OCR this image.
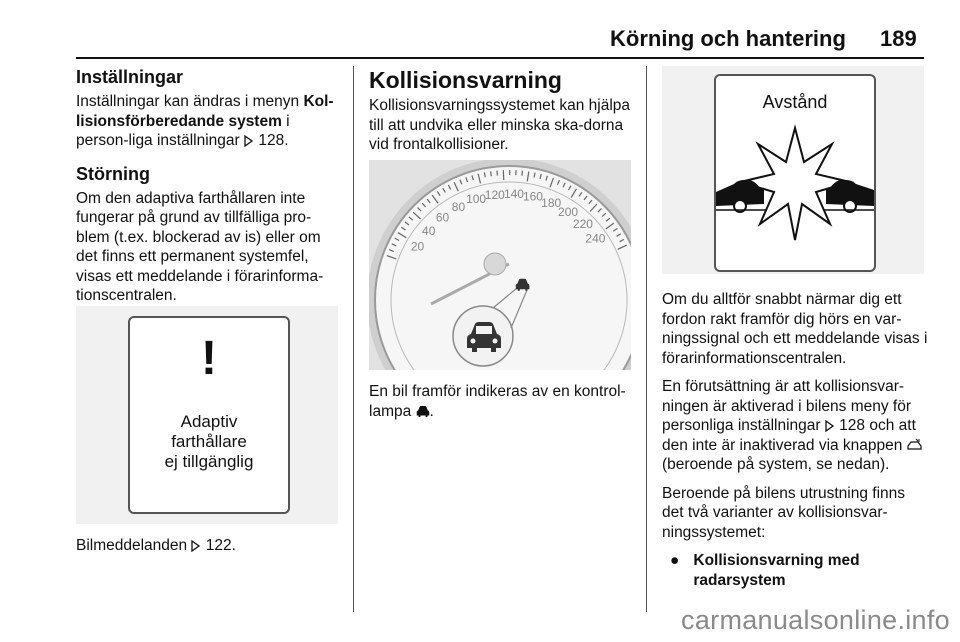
Körning och hantering 189
Inställningar

Inställningar kan ändras i menyn Kol-lisionsförberedande system i person-liga inställningar  128.

Störning

Om den adaptiva farthållaren inte fungerar på grund av tillfälliga pro-blem (t.ex. blockerad av is) eller om det finns ett permanent systemfel, visas ett meddelande i förarinforma-tionscentralen.

!
Adaptiv
farthållare
ej tillgänglig

Bilmeddelanden  122.

Kollisionsvarning

Kollisionsvarningssystemet kan hjälpa till att undvika eller minska ska-dorna vid frontalkollisioner.

20
40
60
80
100
120 140
160
180
200
220
240

En bil framför indikeras av en kontrol-lampa .

Avstånd

Om du alltför snabbt närmar dig ett fordon rakt framför dig hörs en var-ningssignal och ett meddelande visas i förarinformationscentralen.

En förutsättning är att kollisionsvar-ningen är aktiverad i bilens meny för personliga inställningar  128 och att den inte är inaktiverad via knappen  (beroende på system, se nedan).

Beroende på bilens utrustning finns det två varianter av kollisionsvar-ningssystemet:

● Kollisionsvarning med radarsystem
carmanualsonline.info
